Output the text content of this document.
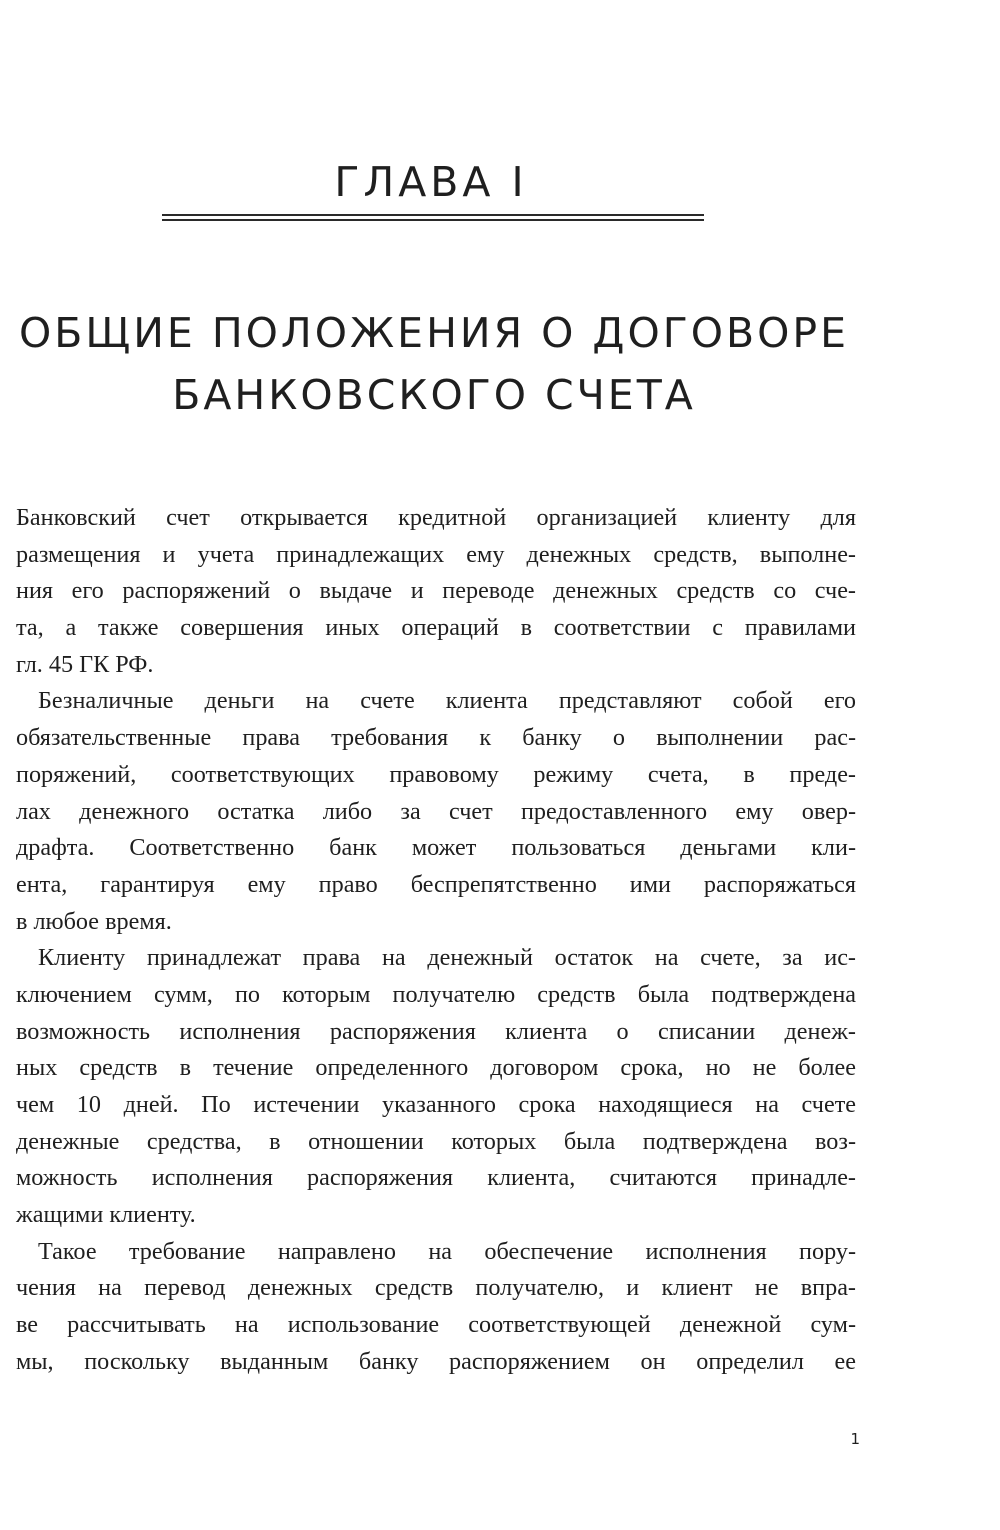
ГЛАВА I
ОБЩИЕ ПОЛОЖЕНИЯ О ДОГОВОРЕ
БАНКОВСКОГО СЧЕТА
Банковский счет открывается кредитной организацией клиенту для
размещения и учета принадлежащих ему денежных средств, выполне-
ния его распоряжений о выдаче и переводе денежных средств со сче-
та, а также совершения иных операций в соответствии с правилами
гл. 45 ГК РФ.
Безналичные деньги на счете клиента представляют собой его
обязательственные права требования к банку о выполнении рас-
поряжений, соответствующих правовому режиму счета, в преде-
лах денежного остатка либо за счет предоставленного ему овер-
драфта. Соответственно банк может пользоваться деньгами кли-
ента, гарантируя ему право беспрепятственно ими распоряжаться
в любое время.
Клиенту принадлежат права на денежный остаток на счете, за ис-
ключением сумм, по которым получателю средств была подтверждена
возможность исполнения распоряжения клиента о списании денеж-
ных средств в течение определенного договором срока, но не более
чем 10 дней. По истечении указанного срока находящиеся на счете
денежные средства, в отношении которых была подтверждена воз-
можность исполнения распоряжения клиента, считаются принадле-
жащими клиенту.
Такое требование направлено на обеспечение исполнения пору-
чения на перевод денежных средств получателю, и клиент не впра-
ве рассчитывать на использование соответствующей денежной сум-
мы, поскольку выданным банку распоряжением он определил ее
1
